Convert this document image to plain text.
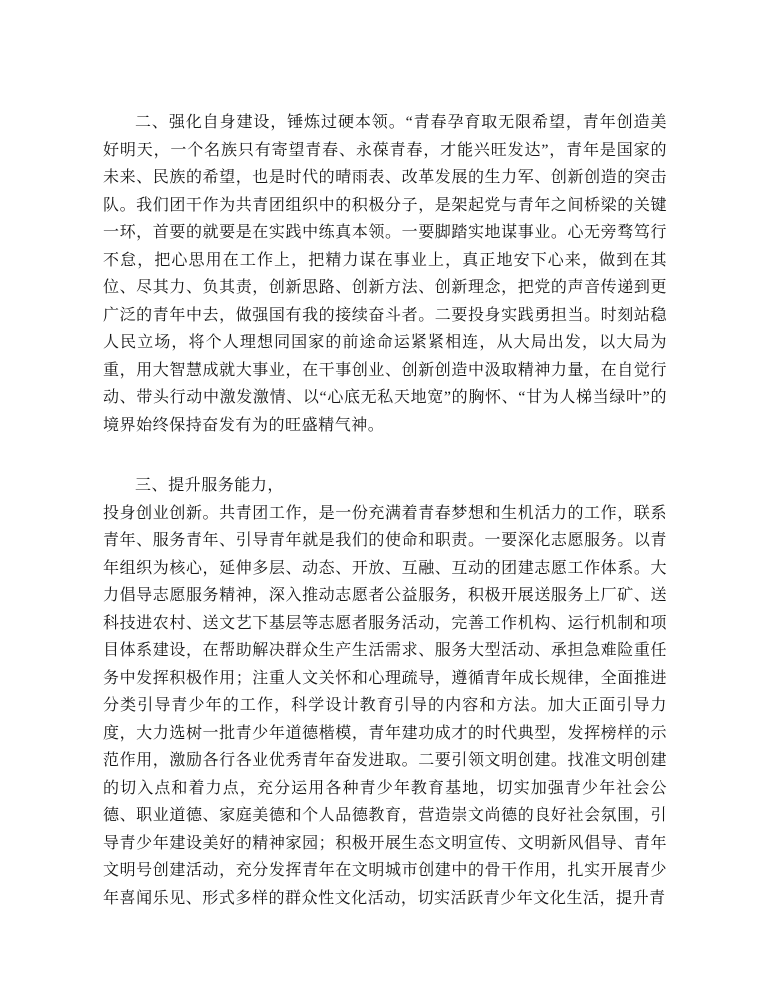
二、强化自身建设，锤炼过硬本领。“青春孕育取无限希望，青年创造美好明天，一个名族只有寄望青春、永葆青春，才能兴旺发达”，青年是国家的未来、民族的希望，也是时代的晴雨表、改革发展的生力军、创新创造的突击队。我们团干作为共青团组织中的积极分子，是架起党与青年之间桥梁的关键一环，首要的就要是在实践中练真本领。一要脚踏实地谋事业。心无旁骛笃行不怠，把心思用在工作上，把精力谋在事业上，真正地安下心来，做到在其位、尽其力、负其责，创新思路、创新方法、创新理念，把党的声音传递到更广泛的青年中去，做强国有我的接续奋斗者。二要投身实践勇担当。时刻站稳人民立场，将个人理想同国家的前途命运紧紧相连，从大局出发，以大局为重，用大智慧成就大事业，在干事创业、创新创造中汲取精神力量，在自觉行动、带头行动中激发激情、以“心底无私天地宽”的胸怀、“甘为人梯当绿叶”的境界始终保持奋发有为的旺盛精气神。

三、提升服务能力，

投身创业创新。共青团工作，是一份充满着青春梦想和生机活力的工作，联系青年、服务青年、引导青年就是我们的使命和职责。一要深化志愿服务。以青年组织为核心，延伸多层、动态、开放、互融、互动的团建志愿工作体系。大力倡导志愿服务精神，深入推动志愿者公益服务，积极开展送服务上厂矿、送科技进农村、送文艺下基层等志愿者服务活动，完善工作机构、运行机制和项目体系建设，在帮助解决群众生产生活需求、服务大型活动、承担急难险重任务中发挥积极作用；注重人文关怀和心理疏导，遵循青年成长规律，全面推进分类引导青少年的工作，科学设计教育引导的内容和方法。加大正面引导力度，大力选树一批青少年道德楷模，青年建功成才的时代典型，发挥榜样的示范作用，激励各行各业优秀青年奋发进取。二要引领文明创建。找准文明创建的切入点和着力点，充分运用各种青少年教育基地，切实加强青少年社会公德、职业道德、家庭美德和个人品德教育，营造崇文尚德的良好社会氛围，引导青少年建设美好的精神家园；积极开展生态文明宣传、文明新风倡导、青年文明号创建活动，充分发挥青年在文明城市创建中的骨干作用，扎实开展青少年喜闻乐见、形式多样的群众性文化活动，切实活跃青少年文化生活，提升青
